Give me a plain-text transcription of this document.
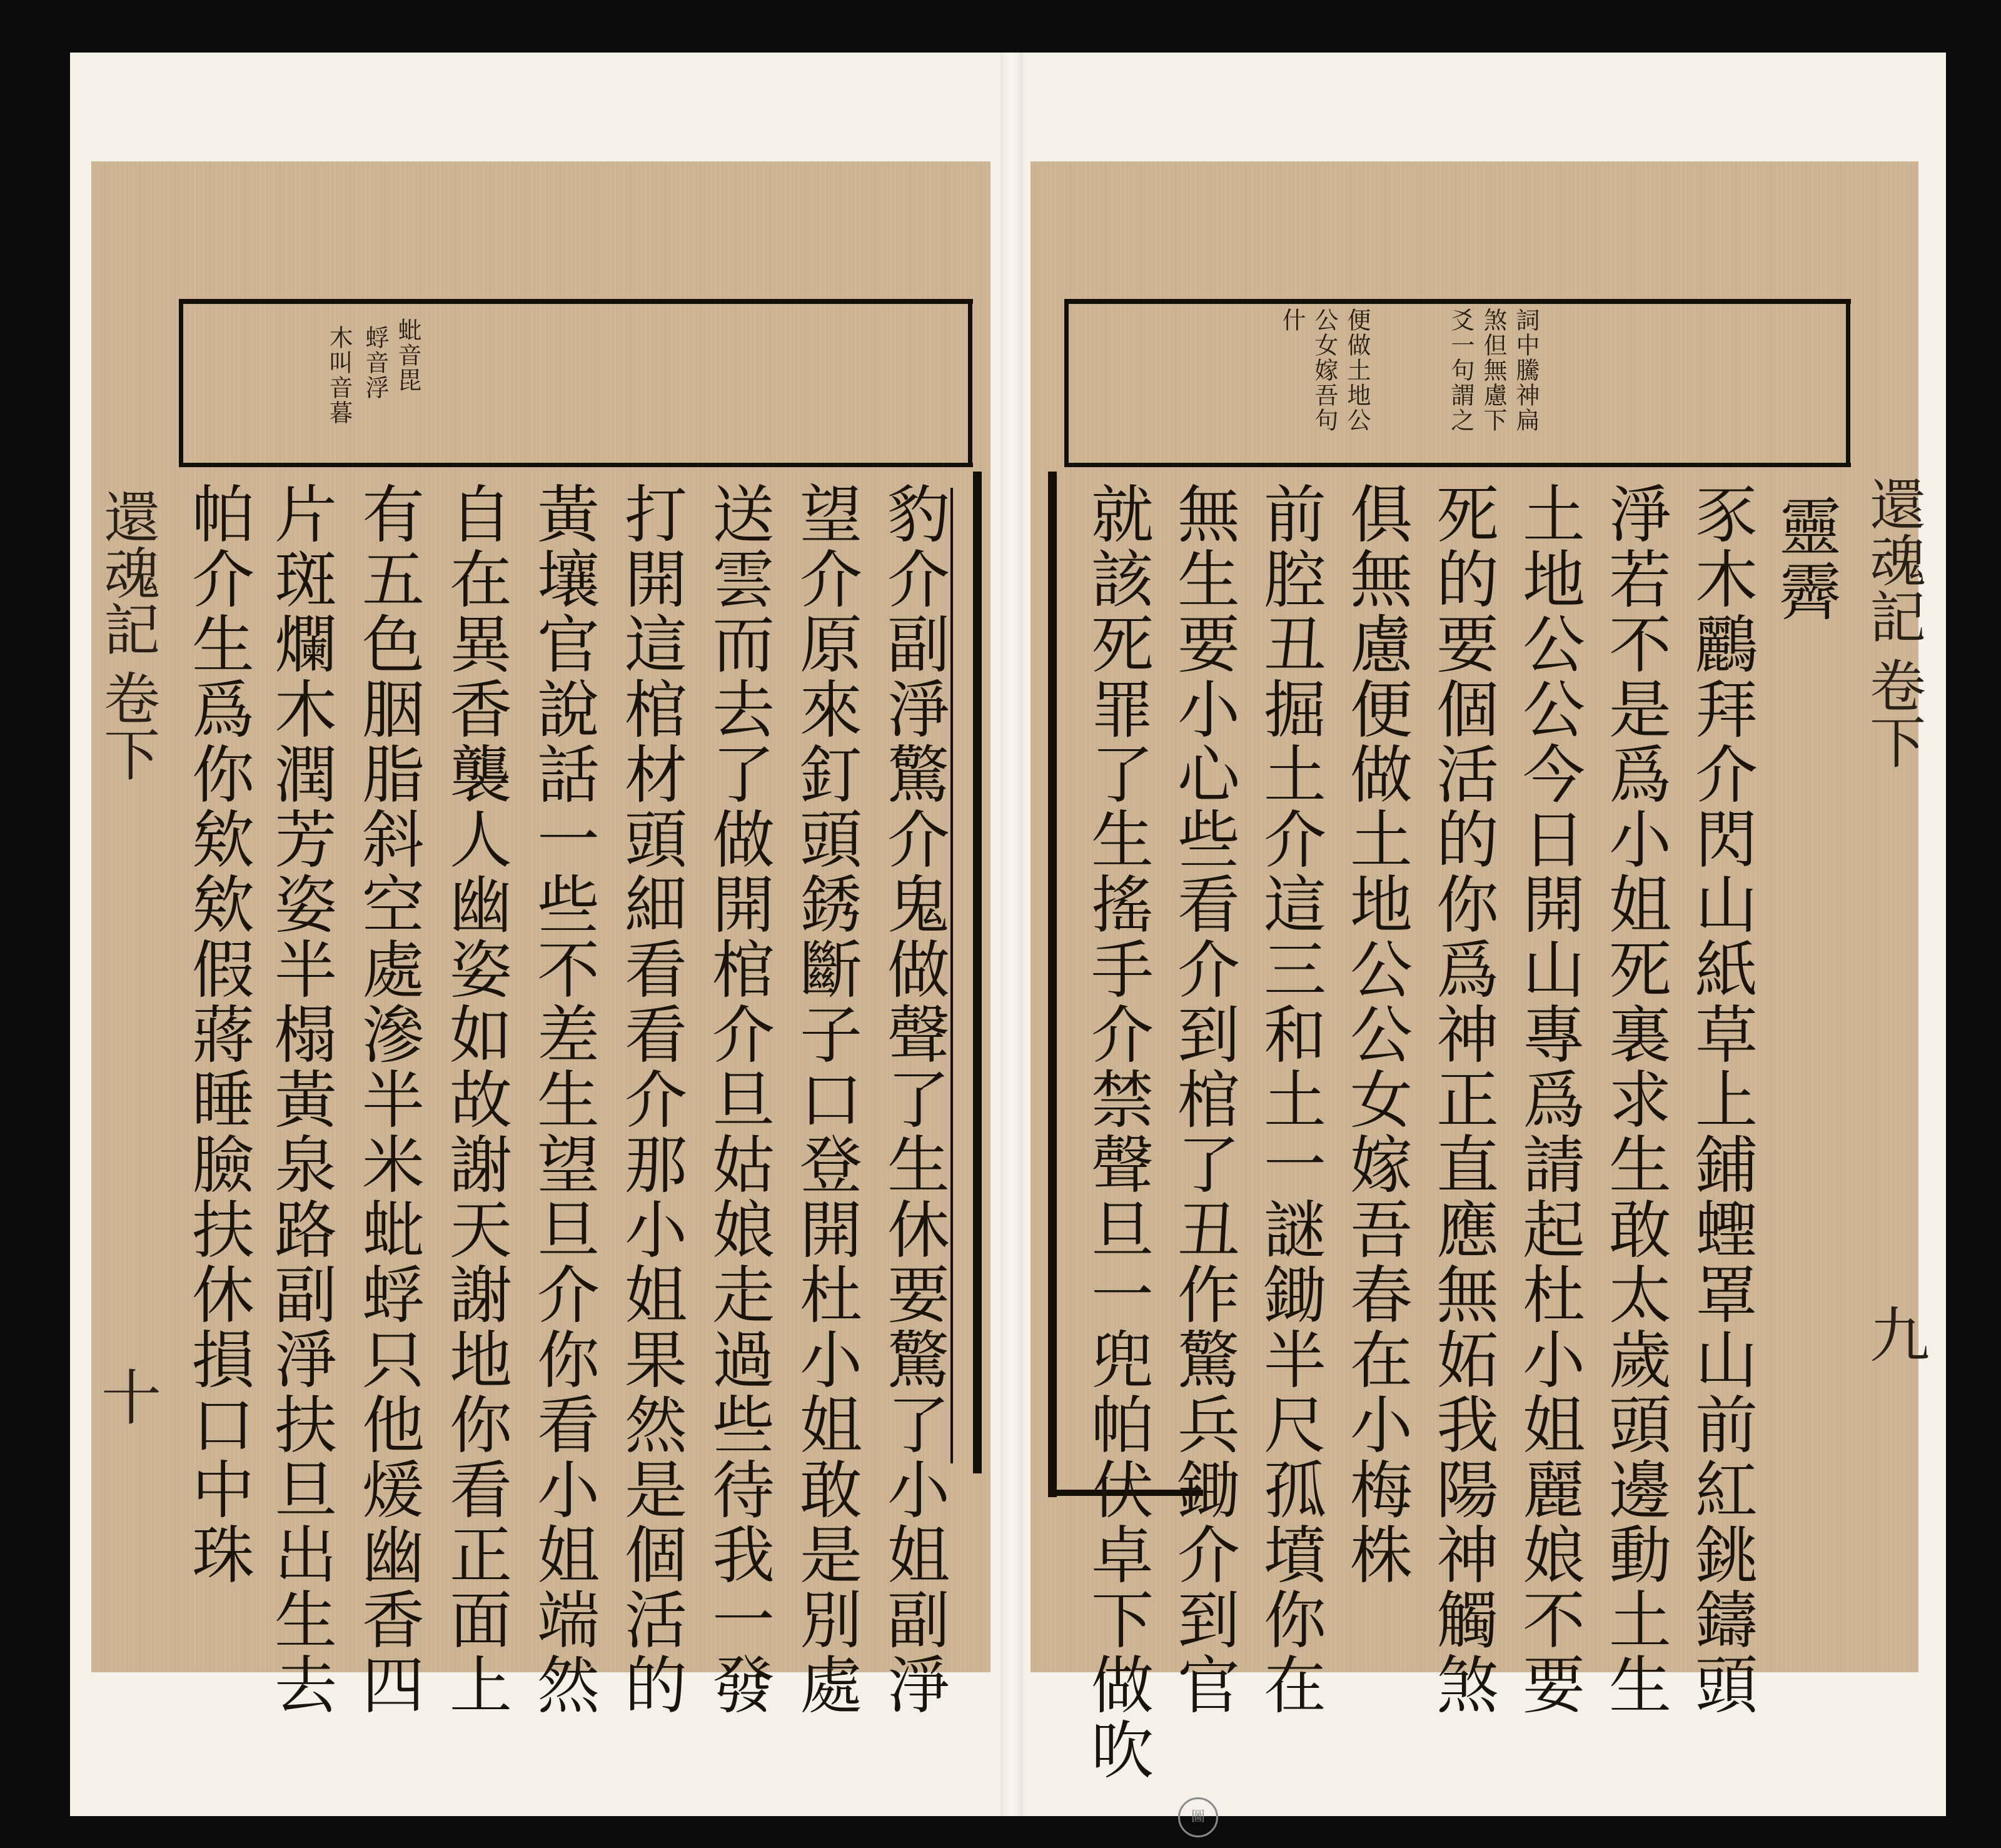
蚍音毘
蜉音浮
木叫音暮
還魂記
卷下
十	豹介副淨驚介鬼做聲了生休要驚了小姐副淨
望介原來釘頭銹斷子口登開杜小姐敢是別處
送雲而去了做開棺介旦姑娘走過些待我一發
打開這棺材頭細看看介那小姐果然是個活的
黃壤官說話一些不差生望旦介你看小姐端然
自在異香襲人幽姿如故謝天謝地你看正面上
有五色胭脂斜空處滲半米蚍蜉只他煖幽香四
片斑爛木潤芳姿半榻黃泉路副淨扶旦出生去
帕介生爲你欸欸假蔣睡臉扶休損口中珠
詞中騰神扁
煞但無慮下
爻一句謂之
便做土地公
公女嫁吾句
什
還魂記
卷下
九
靈霽
豕木鸝拜介閃山紙草上鋪蟶罩山前紅銚鑄頭
淨若不是爲小姐死裏求生敢太歲頭邊動土生
土地公公今日開山專爲請起杜小姐麗娘不要
死的要個活的你爲神正直應無妬我陽神觸煞
俱無慮便做土地公公女嫁吾春在小梅株
前腔丑掘土介這三和土一謎鋤半尺孤墳你在
無生要小心些看介到棺了丑作驚兵鋤介到官
就該死罪了生搖手介禁聲旦一兜帕伏卓下做吹
圖
